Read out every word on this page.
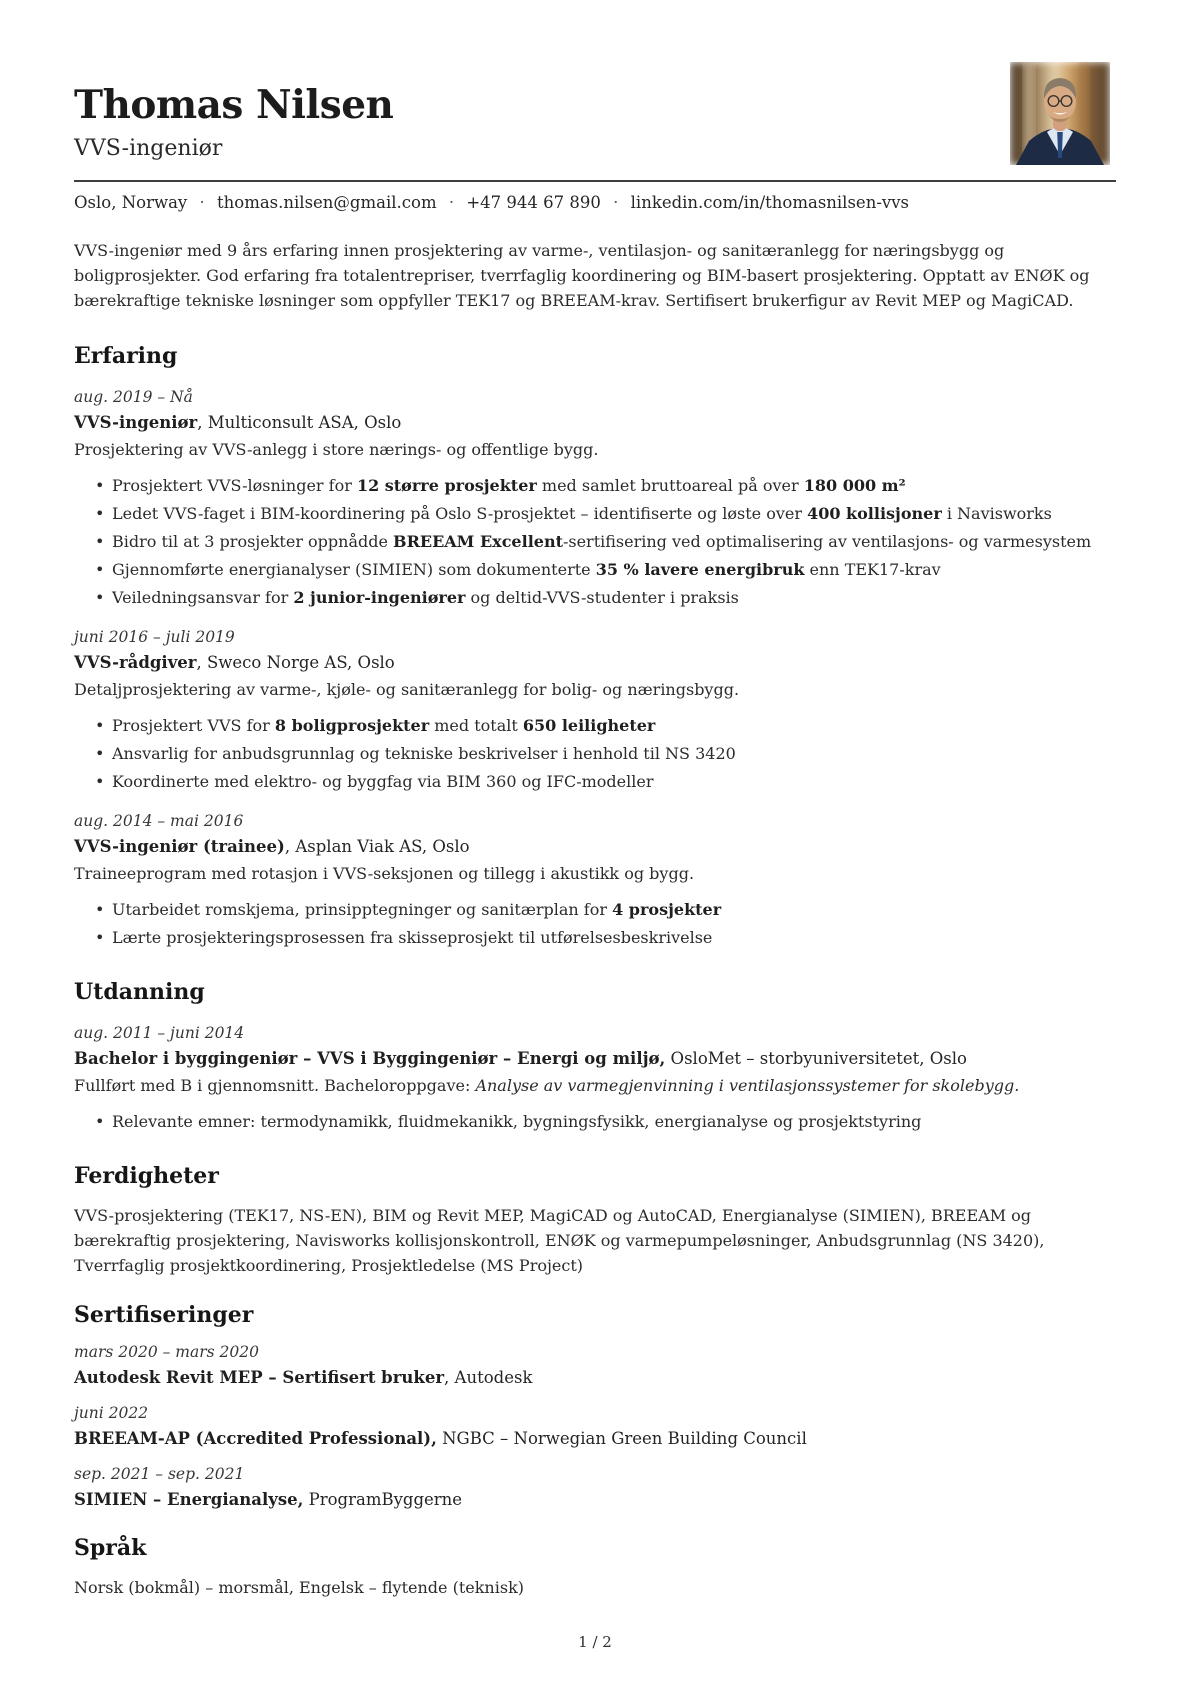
Thomas Nilsen
VVS-ingeniør

Oslo, Norway · thomas.nilsen@gmail.com · +47 944 67 890 · linkedin.com/in/thomasnilsen-vvs

VVS-ingeniør med 9 års erfaring innen prosjektering av varme-, ventilasjon- og sanitæranlegg for næringsbygg og boligprosjekter. God erfaring fra totalentrepriser, tverrfaglig koordinering og BIM-basert prosjektering. Opptatt av ENØK og bærekraftige tekniske løsninger som oppfyller TEK17 og BREEAM-krav. Sertifisert brukerfigur av Revit MEP og MagiCAD.

Erfaring
aug. 2019 – Nå
VVS-ingeniør, Multiconsult ASA, Oslo
Prosjektering av VVS-anlegg i store nærings- og offentlige bygg.
• Prosjektert VVS-løsninger for 12 større prosjekter med samlet bruttoareal på over 180 000 m²
• Ledet VVS-faget i BIM-koordinering på Oslo S-prosjektet – identifiserte og løste over 400 kollisjoner i Navisworks
• Bidro til at 3 prosjekter oppnådde BREEAM Excellent-sertifisering ved optimalisering av ventilasjons- og varmesystem
• Gjennomførte energianalyser (SIMIEN) som dokumenterte 35 % lavere energibruk enn TEK17-krav
• Veiledningsansvar for 2 junior-ingeniører og deltid-VVS-studenter i praksis
juni 2016 – juli 2019
VVS-rådgiver, Sweco Norge AS, Oslo
Detaljprosjektering av varme-, kjøle- og sanitæranlegg for bolig- og næringsbygg.
• Prosjektert VVS for 8 boligprosjekter med totalt 650 leiligheter
• Ansvarlig for anbudsgrunnlag og tekniske beskrivelser i henhold til NS 3420
• Koordinerte med elektro- og byggfag via BIM 360 og IFC-modeller
aug. 2014 – mai 2016
VVS-ingeniør (trainee), Asplan Viak AS, Oslo
Traineeprogram med rotasjon i VVS-seksjonen og tillegg i akustikk og bygg.
• Utarbeidet romskjema, prinsipptegninger og sanitærplan for 4 prosjekter
• Lærte prosjekteringsprosessen fra skisseprosjekt til utførelsesbeskrivelse
Utdanning
aug. 2011 – juni 2014
Bachelor i byggingeniør – VVS i Byggingeniør – Energi og miljø, OsloMet – storbyuniversitetet, Oslo
Fullført med B i gjennomsnitt. Bacheloroppgave: Analyse av varmegjenvinning i ventilasjonssystemer for skolebygg.
• Relevante emner: termodynamikk, fluidmekanikk, bygningsfysikk, energianalyse og prosjektstyring
Ferdigheter

VVS-prosjektering (TEK17, NS-EN), BIM og Revit MEP, MagiCAD og AutoCAD, Energianalyse (SIMIEN), BREEAM og bærekraftig prosjektering, Navisworks kollisjonskontroll, ENØK og varmepumpeløsninger, Anbudsgrunnlag (NS 3420), Tverrfaglig prosjektkoordinering, Prosjektledelse (MS Project)

Sertifiseringer
mars 2020 – mars 2020
Autodesk Revit MEP – Sertifisert bruker, Autodesk
juni 2022
BREEAM-AP (Accredited Professional), NGBC – Norwegian Green Building Council
sep. 2021 – sep. 2021
SIMIEN – Energianalyse, ProgramByggerne
Språk

Norsk (bokmål) – morsmål, Engelsk – flytende (teknisk)

1 / 2
